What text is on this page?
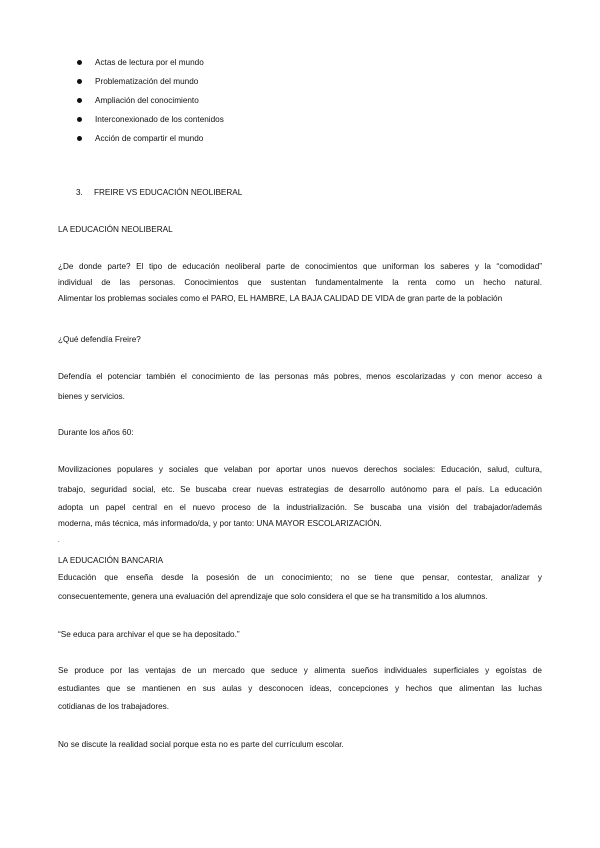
Actas de lectura por el mundo
Problematización del mundo
Ampliación del conocimiento
Interconexionado de los contenidos
Acción de compartir el mundo
3. FREIRE VS EDUCACIÓN NEOLIBERAL
LA EDUCACIÓN NEOLIBERAL
¿De donde parte? El tipo de educación neoliberal parte de conocimientos que uniforman los saberes y la “comodidad”
individual de las personas. Conocimientos que sustentan fundamentalmente la renta como un hecho natural.
Alimentar los problemas sociales como el PARO, EL HAMBRE, LA BAJA CALIDAD DE VIDA de gran parte de la población
¿Qué defendía Freire?
Defendía el potenciar también el conocimiento de las personas más pobres, menos escolarizadas y con menor acceso a
bienes y servicios.
Durante los años 60:
Movilizaciones populares y sociales que velaban por aportar unos nuevos derechos sociales: Educación, salud, cultura,
trabajo, seguridad social, etc. Se buscaba crear nuevas estrategias de desarrollo autónomo para el país. La educación
adopta un papel central en el nuevo proceso de la industrialización. Se buscaba una visión del trabajador/además
moderna, más técnica, más informado/da, y por tanto: UNA MAYOR ESCOLARIZACIÓN.
.
LA EDUCACIÓN BANCARIA
Educación que enseña desde la posesión de un conocimiento; no se tiene que pensar, contestar, analizar y
consecuentemente, genera una evaluación del aprendizaje que solo considera el que se ha transmitido a los alumnos.
“Se educa para archivar el que se ha depositado.”
Se produce por las ventajas de un mercado que seduce y alimenta sueños individuales superficiales y egoístas de
estudiantes que se mantienen en sus aulas y desconocen ideas, concepciones y hechos que alimentan las luchas
cotidianas de los trabajadores.
No se discute la realidad social porque esta no es parte del currículum escolar.
